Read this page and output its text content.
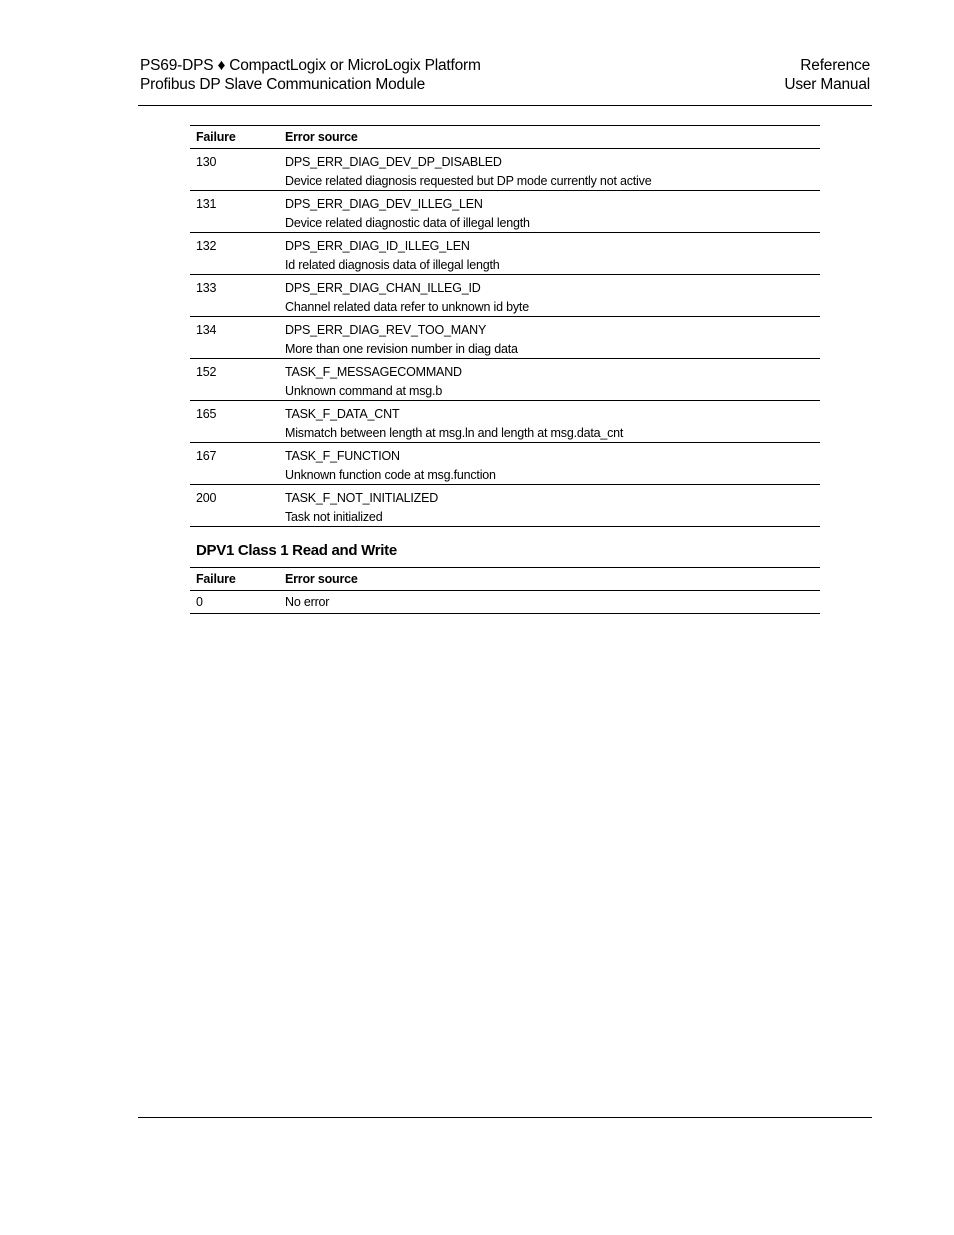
PS69-DPS ♦ CompactLogix or MicroLogix Platform	Reference
Profibus DP Slave Communication Module	User Manual
Failure	Error source
130	DPS_ERR_DIAG_DEV_DP_DISABLED
Device related diagnosis requested but DP mode currently not active
131	DPS_ERR_DIAG_DEV_ILLEG_LEN
Device related diagnostic data of illegal length
132	DPS_ERR_DIAG_ID_ILLEG_LEN
Id related diagnosis data of illegal length
133	DPS_ERR_DIAG_CHAN_ILLEG_ID
Channel related data refer to unknown id byte
134	DPS_ERR_DIAG_REV_TOO_MANY
More than one revision number in diag data
152	TASK_F_MESSAGECOMMAND
Unknown command at msg.b
165	TASK_F_DATA_CNT
Mismatch between length at msg.ln and length at msg.data_cnt
167	TASK_F_FUNCTION
Unknown function code at msg.function
200	TASK_F_NOT_INITIALIZED
Task not initialized
DPV1 Class 1 Read and Write
Failure	Error source
0	No error
